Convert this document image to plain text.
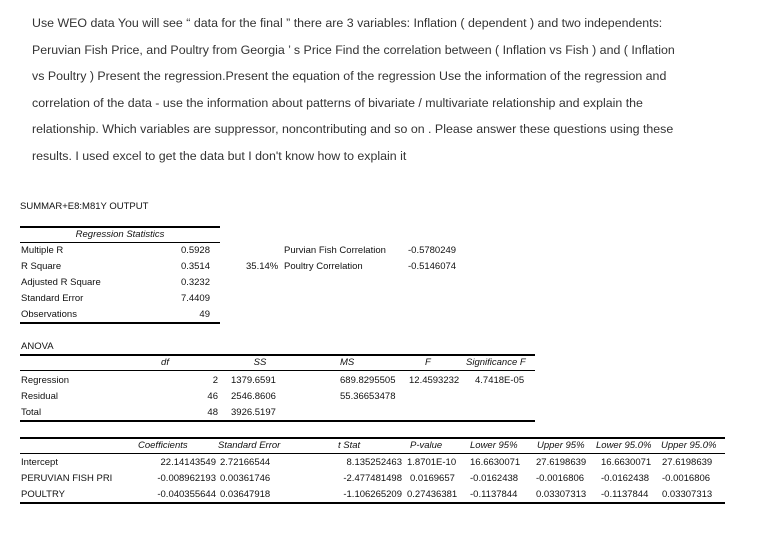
Use WEO data You will see “ data for the final ” there are 3 variables: Inflation ( dependent ) and two independents:

Peruvian Fish Price, and Poultry from Georgia ’ s Price Find the correlation between ( Inflation vs Fish ) and ( Inflation

vs Poultry ) Present the regression.Present the equation of the regression Use the information of the regression and

correlation of the data - use the information about patterns of bivariate / multivariate relationship and explain the

relationship. Which variables are suppressor, noncontributing and so on . Please answer these questions using these

results. I used excel to get the data but I don't know how to explain it

SUMMAR+E8:M81Y OUTPUT
Regression Statistics
Multiple R	0.5928
R Square	0.3514
Adjusted R Square	0.3232
Standard Error	7.4409
Observations	49
Purvian Fish Correlation -0.5780249
35.14% Poultry Correlation	-0.5146074
ANOVA
df	SS	MS	F	Significance F
Regression	2 1379.6591	689.8295505 12.4593232 4.7418E-05
Residual	46 2546.8606	55.36653478
Total	48 3926.5197
Coefficients	Standard Error	t Stat	P-value	Lower 95% Upper 95% Lower 95.0% Upper 95.0%
Intercept	22.14143549 2.72166544	8.135252463 1.8701E-10 16.6630071 27.6198639 16.6630071 27.6198639
PERUVIAN FISH PRI	-0.008962193 0.00361746	-2.477481498 0.0169657 -0.0162438 -0.0016806 -0.0162438 -0.0016806
POULTRY	-0.040355644 0.03647918	-1.106265209 0.27436381 -0.1137844 0.03307313 -0.1137844 0.03307313
